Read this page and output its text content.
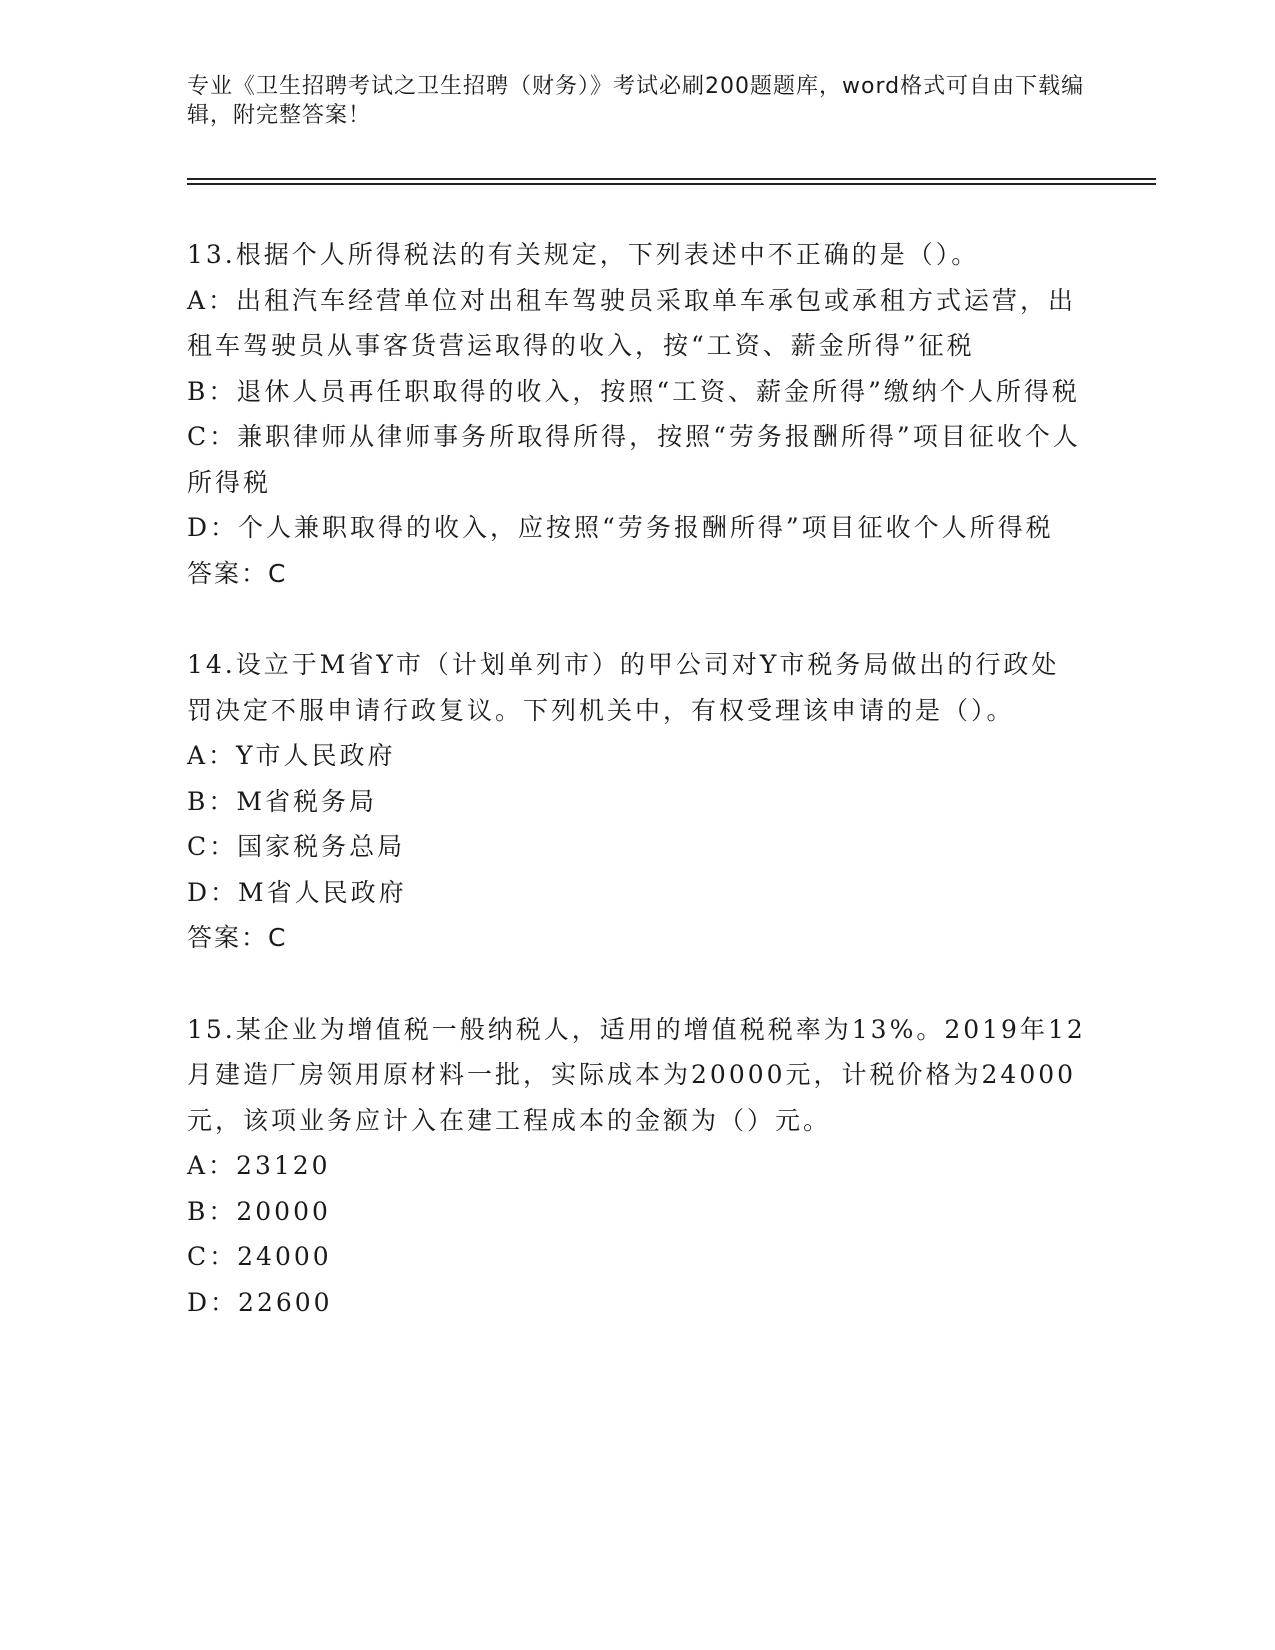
专业《卫生招聘考试之卫生招聘（财务）》考试必刷200题题库，word格式可自由下载编辑，附完整答案！

13.根据个人所得税法的有关规定，下列表述中不正确的是（）。

A：出租汽车经营单位对出租车驾驶员采取单车承包或承租方式运营，出租车驾驶员从事客货营运取得的收入，按“工资、薪金所得”征税

B：退休人员再任职取得的收入，按照“工资、薪金所得”缴纳个人所得税

C：兼职律师从律师事务所取得所得，按照“劳务报酬所得”项目征收个人所得税

D：个人兼职取得的收入，应按照“劳务报酬所得”项目征收个人所得税

答案：C

14.设立于M省Y市（计划单列市）的甲公司对Y市税务局做出的行政处罚决定不服申请行政复议。下列机关中，有权受理该申请的是（）。

A：Y市人民政府

B：M省税务局

C：国家税务总局

D：M省人民政府

答案：C

15.某企业为增值税一般纳税人，适用的增值税税率为13%。2019年12月建造厂房领用原材料一批，实际成本为20000元，计税价格为24000元，该项业务应计入在建工程成本的金额为（）元。

A：23120

B：20000

C：24000

D：22600
